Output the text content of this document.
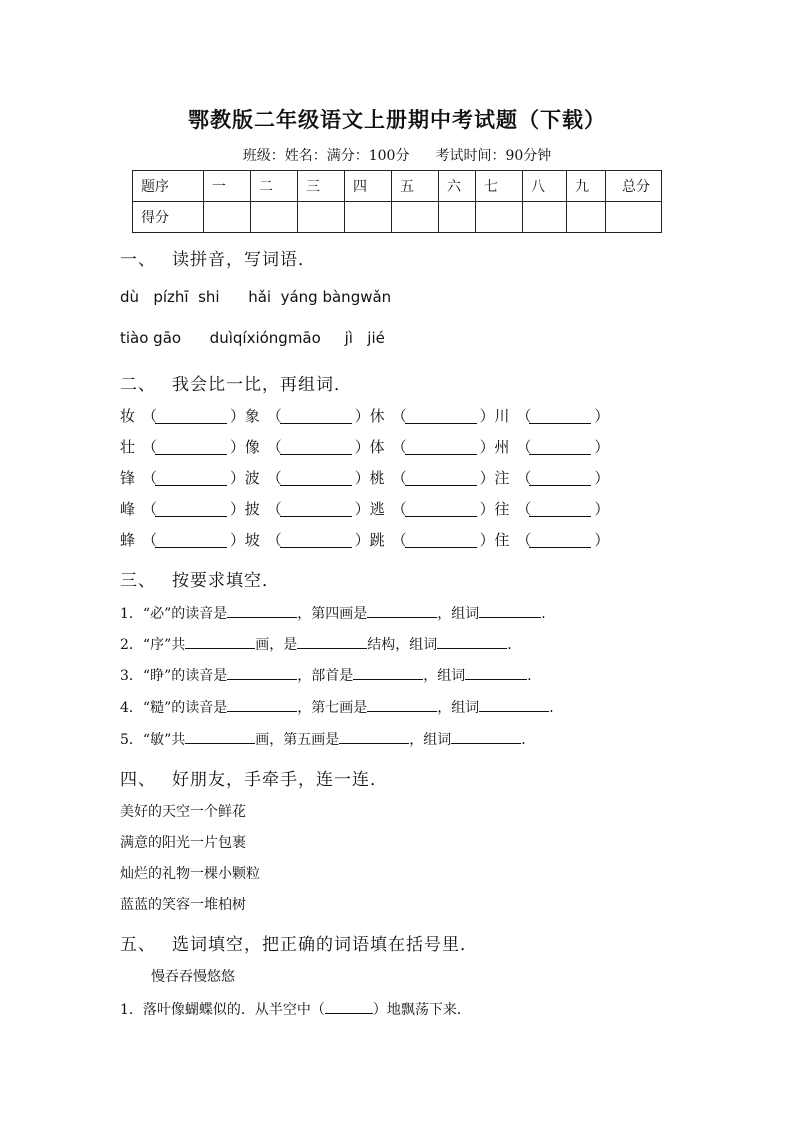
鄂教版二年级语文上册期中考试题（下载）
班级：姓名：满分：100分 考试时间：90分钟
题序	一	二	三	四	五	六	七	八	九	总分
得分										
一、 读拼音，写词语．
dù   pízhī  shi      hǎi  yáng bàngwǎn
tiào gāo      duìqíxióngmāo     jì   jié
二、 我会比一比，再组词．
妆 （	） 象 （	） 休 （	） 川 （	）
壮 （	） 像 （	） 体 （	） 州 （	）
锋 （	） 波 （	） 桃 （	） 注 （	）
峰 （	） 披 （	） 逃 （	） 往 （	）
蜂 （	） 坡 （	） 跳 （	） 住 （	）
三、 按要求填空．
1．“必”的读音是	，第四画是	，组词	．
2．“序”共	画，是	结构，组词	．
3．“睁”的读音是	，部首是	，组词	．
4．“糙”的读音是	，第七画是	，组词	．
5．“敏”共	画，第五画是	，组词	．
四、 好朋友，手牵手，连一连．
美好的天空一个鲜花
满意的阳光一片包裹
灿烂的礼物一棵小颗粒
蓝蓝的笑容一堆柏树
五、 选词填空，把正确的词语填在括号里．
慢吞吞慢悠悠
1．落叶像蝴蝶似的．从半空中（	）地飘荡下来．
